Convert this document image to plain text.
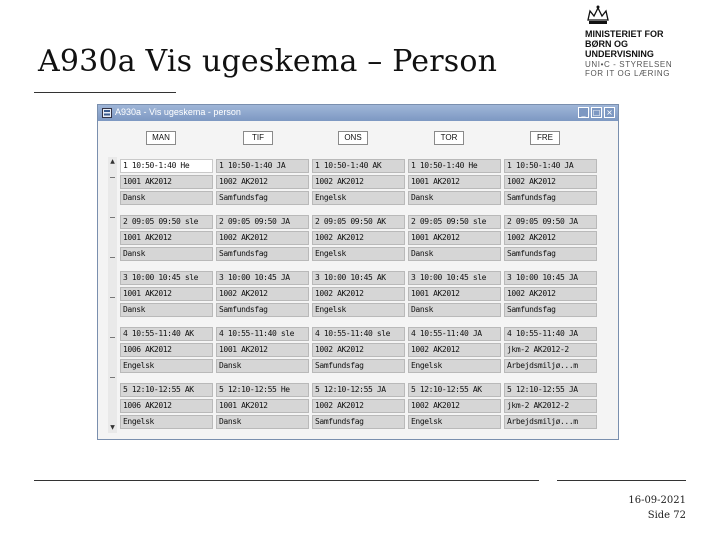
A930a Vis ugeskema – Person
MINISTERIET FOR
BØRN OG
UNDERVISNING
UNI•C - STYRELSEN
FOR IT OG LÆRING
A930a - Vis ugeskema - person	_ □ ×
MAN	TIF	ONS	TOR	FRE
▲
▼
1 10:50-1:40 He	1 10:50-1:40 JA	1 10:50-1:40 AK	1 10:50-1:40 He	1 10:50-1:40 JA
1001 AK2012	1002 AK2012	1002 AK2012	1001 AK2012	1002 AK2012
Dansk	Samfundsfag	Engelsk	Dansk	Samfundsfag
2 09:05 09:50 sle	2 09:05 09:50 JA	2 09:05 09:50 AK	2 09:05 09:50 sle	2 09:05 09:50 JA
1001 AK2012	1002 AK2012	1002 AK2012	1001 AK2012	1002 AK2012
Dansk	Samfundsfag	Engelsk	Dansk	Samfundsfag
3 10:00 10:45 sle	3 10:00 10:45 JA	3 10:00 10:45 AK	3 10:00 10:45 sle	3 10:00 10:45 JA
1001 AK2012	1002 AK2012	1002 AK2012	1001 AK2012	1002 AK2012
Dansk	Samfundsfag	Engelsk	Dansk	Samfundsfag
4 10:55-11:40 AK	4 10:55-11:40 sle	4 10:55-11:40 sle	4 10:55-11:40 JA	4 10:55-11:40 JA
1006 AK2012	1001 AK2012	1002 AK2012	1002 AK2012	jkm-2 AK2012-2
Engelsk	Dansk	Samfundsfag	Engelsk	Arbejdsmiljø...m
5 12:10-12:55 AK	5 12:10-12:55 He	5 12:10-12:55 JA	5 12:10-12:55 AK	5 12:10-12:55 JA
1006 AK2012	1001 AK2012	1002 AK2012	1002 AK2012	jkm-2 AK2012-2
Engelsk	Dansk	Samfundsfag	Engelsk	Arbejdsmiljø...m
16-09-2021
Side 72
